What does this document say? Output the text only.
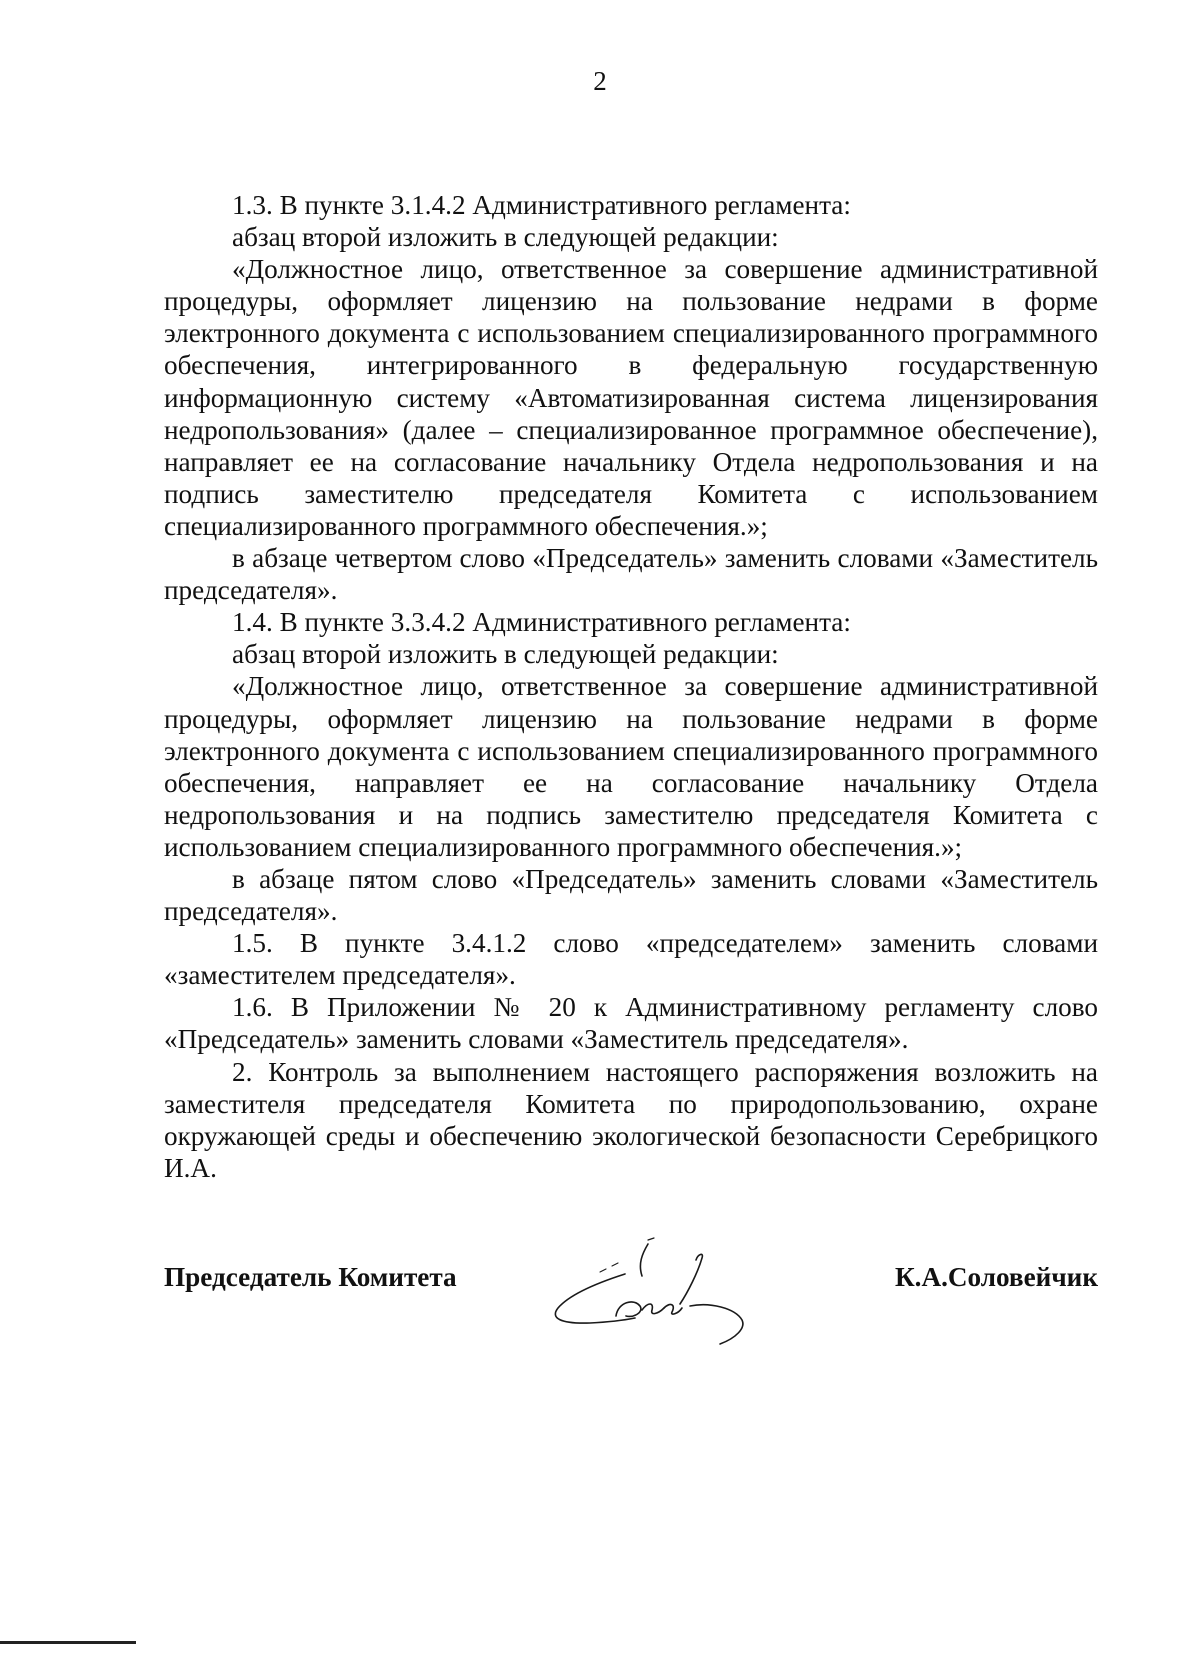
2

1.3. В пункте 3.1.4.2 Административного регламента:

абзац второй изложить в следующей редакции:

«Должностное лицо, ответственное за совершение административной процедуры, оформляет лицензию на пользование недрами в форме электронного документа с использованием специализированного программного обеспечения, интегрированного в федеральную государственную информационную систему «Автоматизированная система лицензирования недропользования» (далее – специализированное программное обеспечение), направляет ее на согласование начальнику Отдела недропользования и на подпись заместителю председателя Комитета с использованием специализированного программного обеспечения.»;

в абзаце четвертом слово «Председатель» заменить словами «Заместитель председателя».

1.4. В пункте 3.3.4.2 Административного регламента:

абзац второй изложить в следующей редакции:

«Должностное лицо, ответственное за совершение административной процедуры, оформляет лицензию на пользование недрами в форме электронного документа с использованием специализированного программного обеспечения, направляет ее на согласование начальнику Отдела недропользования и на подпись заместителю председателя Комитета с использованием специализированного программного обеспечения.»;

в абзаце пятом слово «Председатель» заменить словами «Заместитель председателя».

1.5. В пункте 3.4.1.2 слово «председателем» заменить словами «заместителем председателя».

1.6. В Приложении № 20 к Административному регламенту слово «Председатель» заменить словами «Заместитель председателя».

2. Контроль за выполнением настоящего распоряжения возложить на заместителя председателя Комитета по природопользованию, охране окружающей среды и обеспечению экологической безопасности Серебрицкого И.А.

Председатель Комитета	К.А.Соловейчик
